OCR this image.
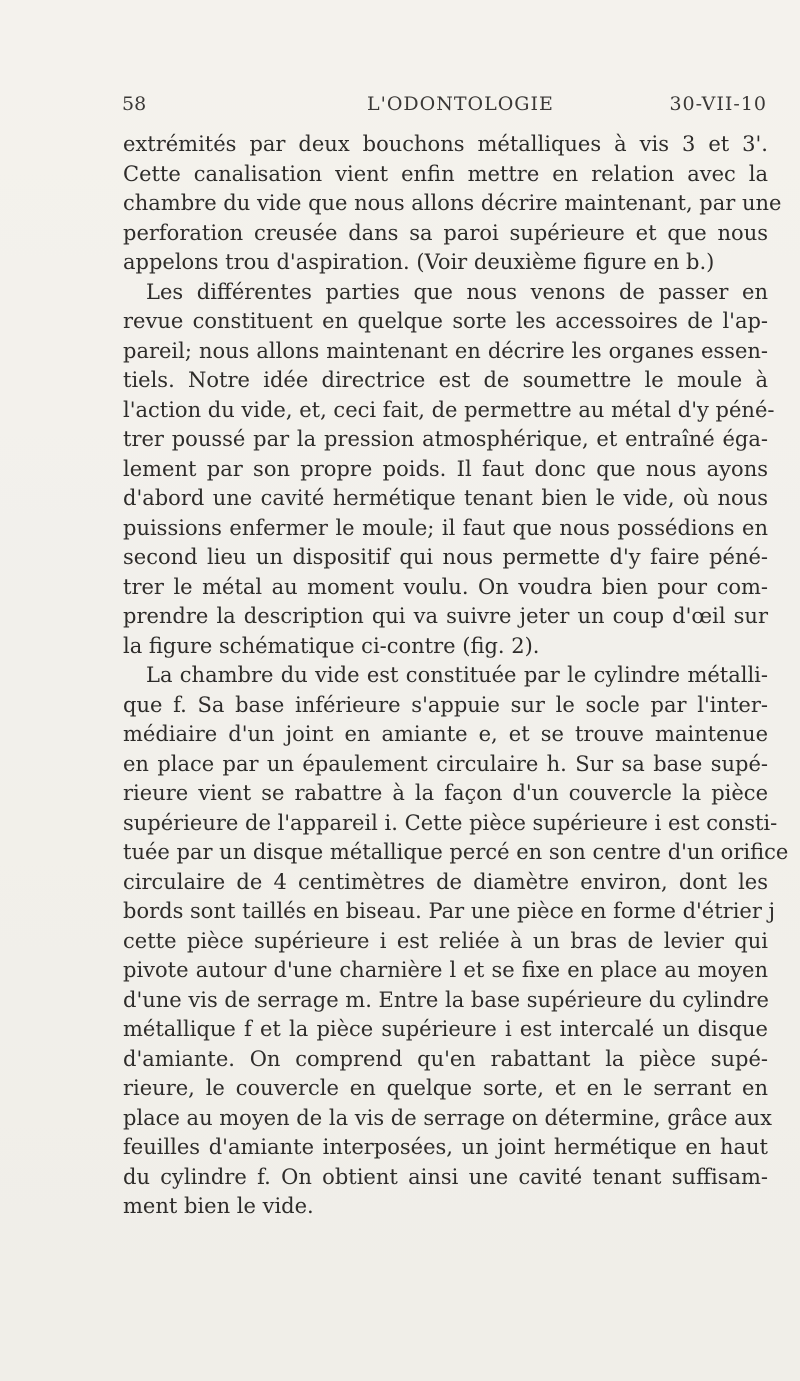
58	L'ODONTOLOGIE	30-VII-10
extrémités par deux bouchons métalliques à vis 3 et 3'.
Cette canalisation vient enfin mettre en relation avec la
chambre du vide que nous allons décrire maintenant, par une
perforation creusée dans sa paroi supérieure et que nous
appelons trou d'aspiration. (Voir deuxième figure en b.)
Les différentes parties que nous venons de passer en
revue constituent en quelque sorte les accessoires de l'ap-
pareil; nous allons maintenant en décrire les organes essen-
tiels. Notre idée directrice est de soumettre le moule à
l'action du vide, et, ceci fait, de permettre au métal d'y péné-
trer poussé par la pression atmosphérique, et entraîné éga-
lement par son propre poids. Il faut donc que nous ayons
d'abord une cavité hermétique tenant bien le vide, où nous
puissions enfermer le moule; il faut que nous possédions en
second lieu un dispositif qui nous permette d'y faire péné-
trer le métal au moment voulu. On voudra bien pour com-
prendre la description qui va suivre jeter un coup d'œil sur
la figure schématique ci-contre (fig. 2).
La chambre du vide est constituée par le cylindre métalli-
que f. Sa base inférieure s'appuie sur le socle par l'inter-
médiaire d'un joint en amiante e, et se trouve maintenue
en place par un épaulement circulaire h. Sur sa base supé-
rieure vient se rabattre à la façon d'un couvercle la pièce
supérieure de l'appareil i. Cette pièce supérieure i est consti-
tuée par un disque métallique percé en son centre d'un orifice
circulaire de 4 centimètres de diamètre environ, dont les
bords sont taillés en biseau. Par une pièce en forme d'étrier j
cette pièce supérieure i est reliée à un bras de levier qui
pivote autour d'une charnière l et se fixe en place au moyen
d'une vis de serrage m. Entre la base supérieure du cylindre
métallique f et la pièce supérieure i est intercalé un disque
d'amiante. On comprend qu'en rabattant la pièce supé-
rieure, le couvercle en quelque sorte, et en le serrant en
place au moyen de la vis de serrage on détermine, grâce aux
feuilles d'amiante interposées, un joint hermétique en haut
du cylindre f. On obtient ainsi une cavité tenant suffisam-
ment bien le vide.
